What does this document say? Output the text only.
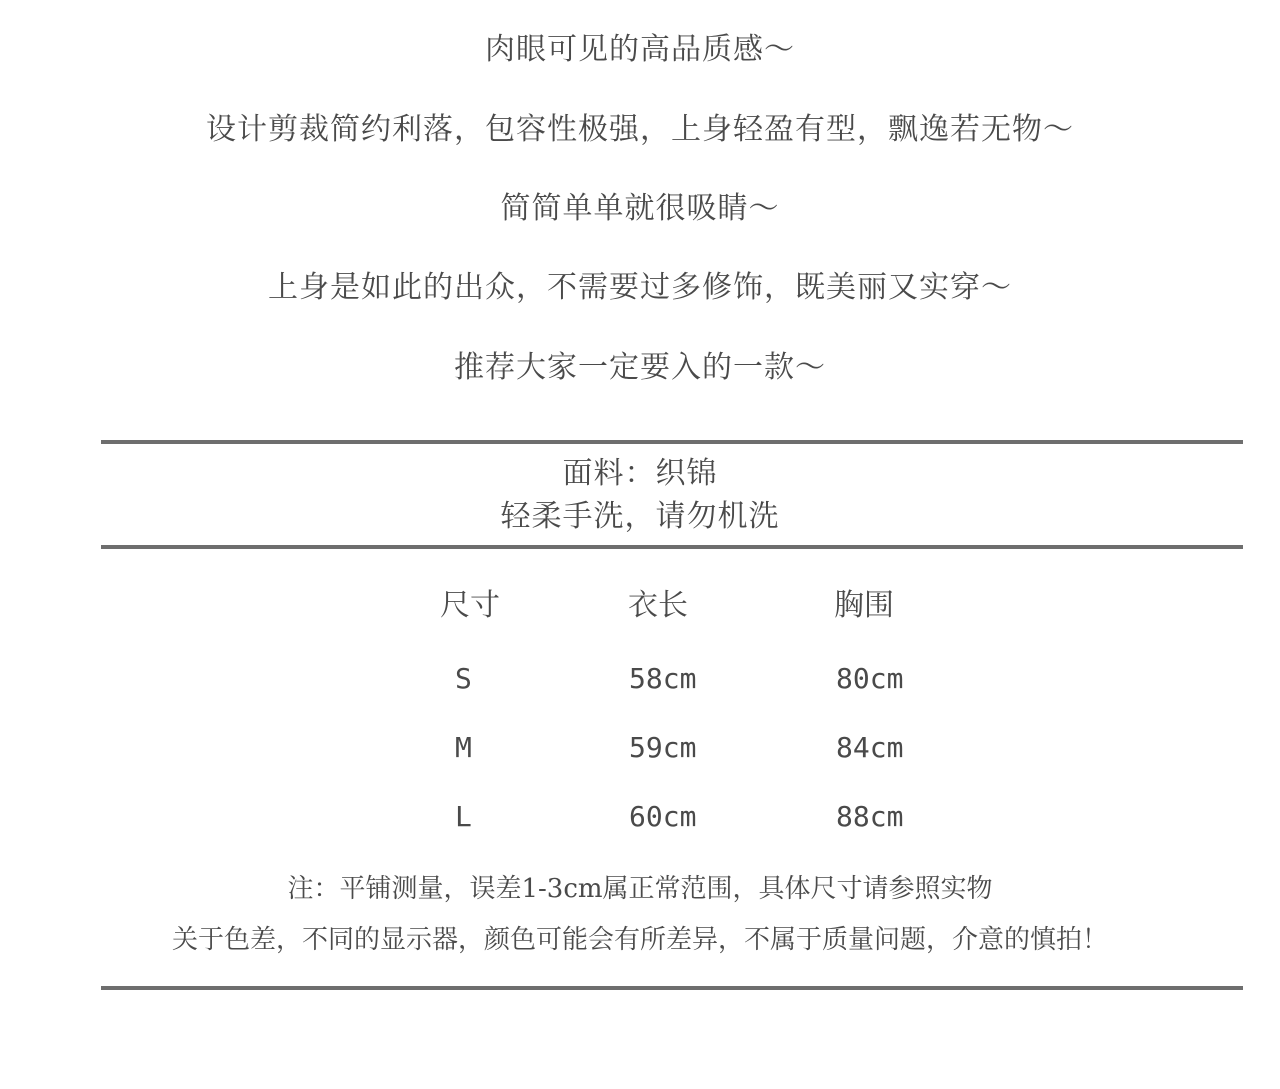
肉眼可见的高品质感～
设计剪裁简约利落，包容性极强，上身轻盈有型，飘逸若无物～
简简单单就很吸睛～
上身是如此的出众，不需要过多修饰，既美丽又实穿～
推荐大家一定要入的一款～
面料：织锦
轻柔手洗，请勿机洗
尺寸	衣长	胸围
S	58cm	80cm
M	59cm	84cm
L	60cm	88cm
注：平铺测量，误差1-3cm属正常范围，具体尺寸请参照实物
关于色差，不同的显示器，颜色可能会有所差异，不属于质量问题，介意的慎拍！
